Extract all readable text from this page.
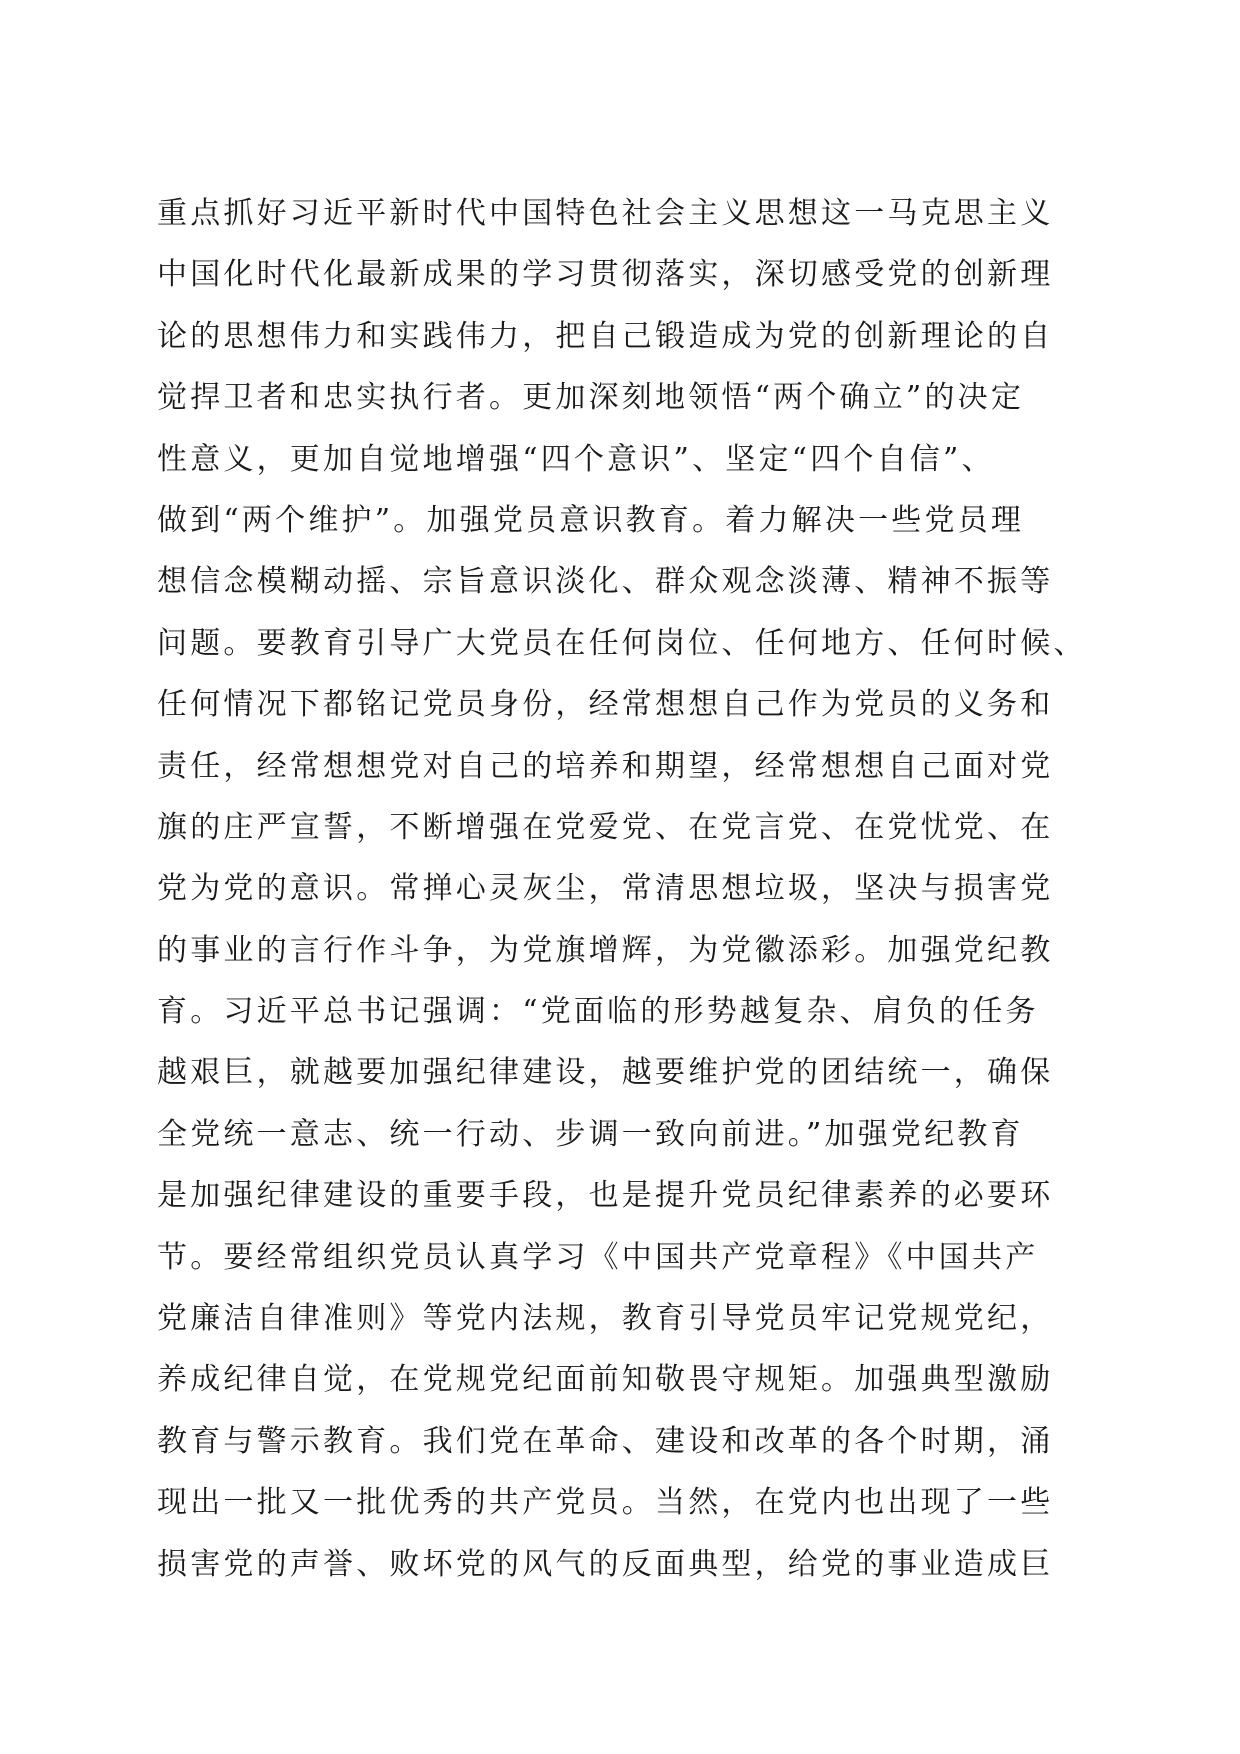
重点抓好习近平新时代中国特色社会主义思想这一马克思主义
中国化时代化最新成果的学习贯彻落实，深切感受党的创新理
论的思想伟力和实践伟力，把自己锻造成为党的创新理论的自
觉捍卫者和忠实执行者。更加深刻地领悟“两个确立”的决定
性意义，更加自觉地增强“四个意识”、坚定“四个自信”、
做到“两个维护”。加强党员意识教育。着力解决一些党员理
想信念模糊动摇、宗旨意识淡化、群众观念淡薄、精神不振等
问题。要教育引导广大党员在任何岗位、任何地方、任何时候、
任何情况下都铭记党员身份，经常想想自己作为党员的义务和
责任，经常想想党对自己的培养和期望，经常想想自己面对党
旗的庄严宣誓，不断增强在党爱党、在党言党、在党忧党、在
党为党的意识。常掸心灵灰尘，常清思想垃圾，坚决与损害党
的事业的言行作斗争，为党旗增辉，为党徽添彩。加强党纪教
育。习近平总书记强调：“党面临的形势越复杂、肩负的任务
越艰巨，就越要加强纪律建设，越要维护党的团结统一，确保
全党统一意志、统一行动、步调一致向前进。”加强党纪教育
是加强纪律建设的重要手段，也是提升党员纪律素养的必要环
节。要经常组织党员认真学习《中国共产党章程》《中国共产
党廉洁自律准则》等党内法规，教育引导党员牢记党规党纪，
养成纪律自觉，在党规党纪面前知敬畏守规矩。加强典型激励
教育与警示教育。我们党在革命、建设和改革的各个时期，涌
现出一批又一批优秀的共产党员。当然，在党内也出现了一些
损害党的声誉、败坏党的风气的反面典型，给党的事业造成巨
